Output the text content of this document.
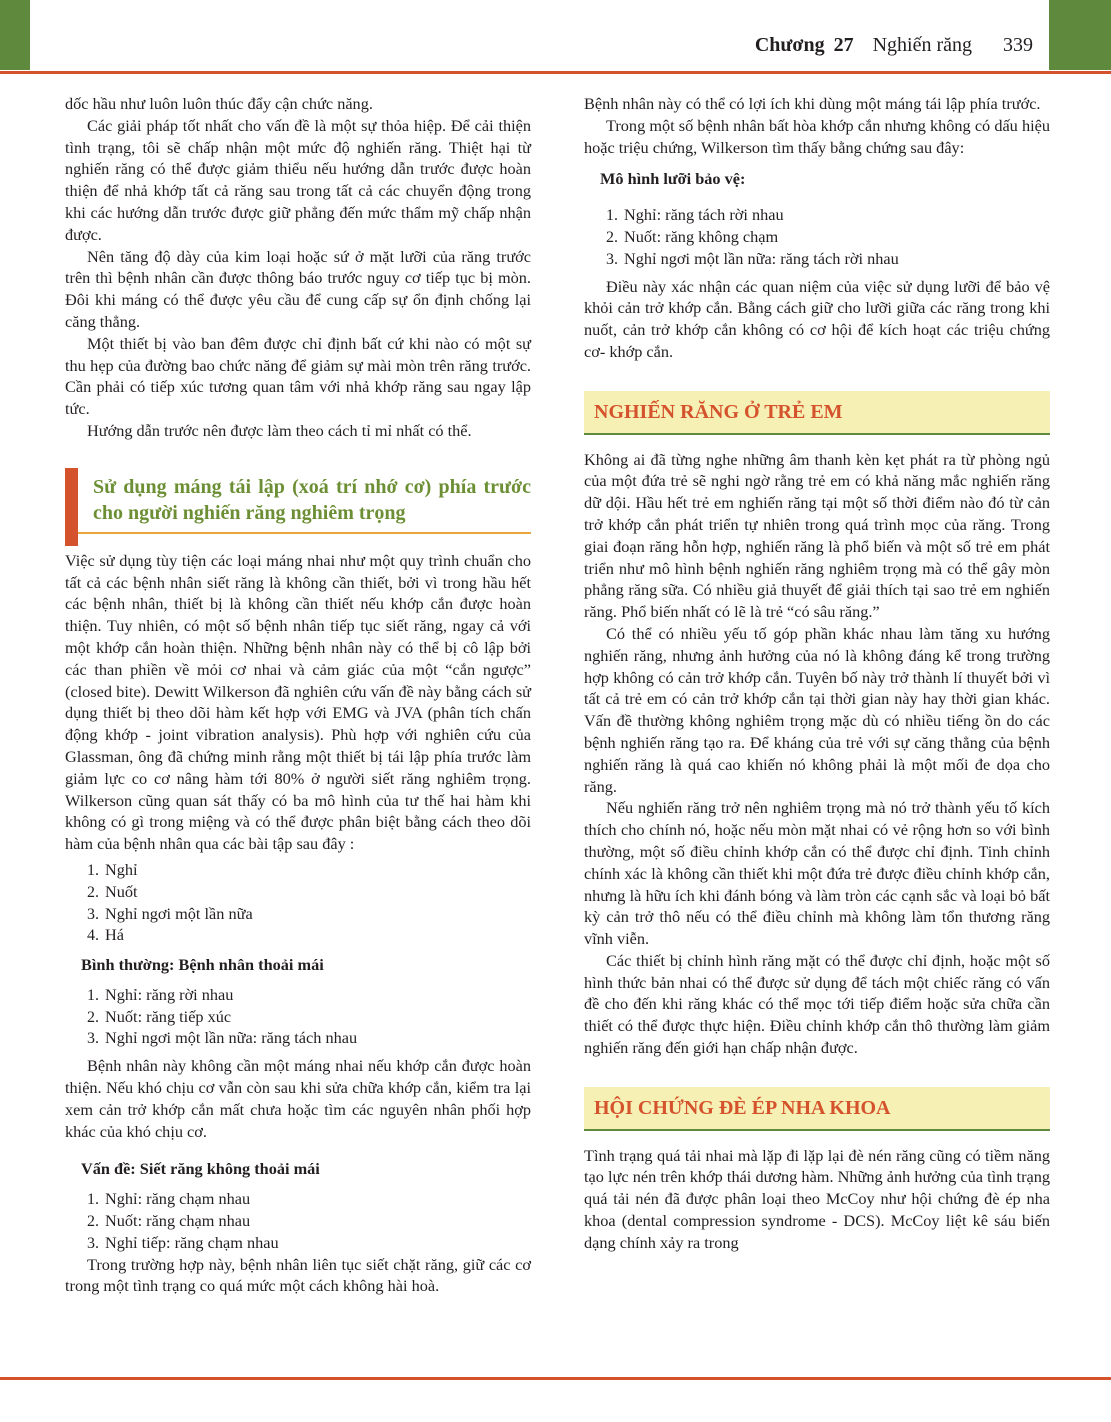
Chương 27 Nghiến răng 339

dốc hầu như luôn luôn thúc đẩy cận chức năng.

Các giải pháp tốt nhất cho vấn đề là một sự thỏa hiệp. Để cải thiện tình trạng, tôi sẽ chấp nhận một mức độ nghiến răng. Thiệt hại từ nghiến răng có thể được giảm thiểu nếu hướng dẫn trước được hoàn thiện để nhả khớp tất cả răng sau trong tất cả các chuyển động trong khi các hướng dẫn trước được giữ phẳng đến mức thẩm mỹ chấp nhận được.

Nên tăng độ dày của kim loại hoặc sứ ở mặt lưỡi của răng trước trên thì bệnh nhân cần được thông báo trước nguy cơ tiếp tục bị mòn. Đôi khi máng có thể được yêu cầu để cung cấp sự ổn định chống lại căng thẳng.

Một thiết bị vào ban đêm được chỉ định bất cứ khi nào có một sự thu hẹp của đường bao chức năng để giảm sự mài mòn trên răng trước. Cần phải có tiếp xúc tương quan tâm với nhả khớp răng sau ngay lập tức.

Hướng dẫn trước nên được làm theo cách tỉ mỉ nhất có thể.

Sử dụng máng tái lập (xoá trí nhớ cơ) phía trước cho người nghiến răng nghiêm trọng

Việc sử dụng tùy tiện các loại máng nhai như một quy trình chuẩn cho tất cả các bệnh nhân siết răng là không cần thiết, bởi vì trong hầu hết các bệnh nhân, thiết bị là không cần thiết nếu khớp cắn được hoàn thiện. Tuy nhiên, có một số bệnh nhân tiếp tục siết răng, ngay cả với một khớp cắn hoàn thiện. Những bệnh nhân này có thể bị cô lập bởi các than phiền về mỏi cơ nhai và cảm giác của một “cắn ngược” (closed bite). Dewitt Wilkerson đã nghiên cứu vấn đề này bằng cách sử dụng thiết bị theo dõi hàm kết hợp với EMG và JVA (phân tích chấn động khớp - joint vibration analysis). Phù hợp với nghiên cứu của Glassman, ông đã chứng minh rằng một thiết bị tái lập phía trước làm giảm lực co cơ nâng hàm tới 80% ở người siết răng nghiêm trọng. Wilkerson cũng quan sát thấy có ba mô hình của tư thế hai hàm khi không có gì trong miệng và có thể được phân biệt bằng cách theo dõi hàm của bệnh nhân qua các bài tập sau đây :

1. Nghỉ
2. Nuốt
3. Nghỉ ngơi một lần nữa
4. Há
Bình thường: Bệnh nhân thoải mái
1. Nghỉ: răng rời nhau
2. Nuốt: răng tiếp xúc
3. Nghỉ ngơi một lần nữa: răng tách nhau

Bệnh nhân này không cần một máng nhai nếu khớp cắn được hoàn thiện. Nếu khó chịu cơ vẫn còn sau khi sửa chữa khớp cắn, kiểm tra lại xem cản trở khớp cắn mất chưa hoặc tìm các nguyên nhân phối hợp khác của khó chịu cơ.

Vấn đề: Siết răng không thoải mái
1. Nghỉ: răng chạm nhau
2. Nuốt: răng chạm nhau
3. Nghỉ tiếp: răng chạm nhau

Trong trường hợp này, bệnh nhân liên tục siết chặt răng, giữ các cơ trong một tình trạng co quá mức một cách không hài hoà.

Bệnh nhân này có thể có lợi ích khi dùng một máng tái lập phía trước.

Trong một số bệnh nhân bất hòa khớp cắn nhưng không có dấu hiệu hoặc triệu chứng, Wilkerson tìm thấy bằng chứng sau đây:

Mô hình lưỡi bảo vệ:
1. Nghỉ: răng tách rời nhau
2. Nuốt: răng không chạm
3. Nghỉ ngơi một lần nữa: răng tách rời nhau

Điều này xác nhận các quan niệm của việc sử dụng lưỡi để bảo vệ khỏi cản trở khớp cắn. Bằng cách giữ cho lưỡi giữa các răng trong khi nuốt, cản trở khớp cắn không có cơ hội để kích hoạt các triệu chứng cơ- khớp cắn.

NGHIẾN RĂNG Ở TRẺ EM

Không ai đã từng nghe những âm thanh kèn kẹt phát ra từ phòng ngủ của một đứa trẻ sẽ nghi ngờ rằng trẻ em có khả năng mắc nghiến răng dữ dội. Hầu hết trẻ em nghiến răng tại một số thời điểm nào đó từ cản trở khớp cắn phát triển tự nhiên trong quá trình mọc của răng. Trong giai đoạn răng hỗn hợp, nghiến răng là phổ biến và một số trẻ em phát triển như mô hình bệnh nghiến răng nghiêm trọng mà có thể gây mòn phẳng răng sữa. Có nhiều giả thuyết để giải thích tại sao trẻ em nghiến răng. Phổ biến nhất có lẽ là trẻ “có sâu răng.”

Có thể có nhiều yếu tố góp phần khác nhau làm tăng xu hướng nghiến răng, nhưng ảnh hưởng của nó là không đáng kể trong trường hợp không có cản trở khớp cắn. Tuyên bố này trở thành lí thuyết bởi vì tất cả trẻ em có cản trở khớp cắn tại thời gian này hay thời gian khác. Vấn đề thường không nghiêm trọng mặc dù có nhiều tiếng ồn do các bệnh nghiến răng tạo ra. Để kháng của trẻ với sự căng thẳng của bệnh nghiến răng là quá cao khiến nó không phải là một mối đe dọa cho răng.

Nếu nghiến răng trở nên nghiêm trọng mà nó trở thành yếu tố kích thích cho chính nó, hoặc nếu mòn mặt nhai có vẻ rộng hơn so với bình thường, một số điều chỉnh khớp cắn có thể được chỉ định. Tinh chỉnh chính xác là không cần thiết khi một đứa trẻ được điều chỉnh khớp cắn, nhưng là hữu ích khi đánh bóng và làm tròn các cạnh sắc và loại bỏ bất kỳ cản trở thô nếu có thể điều chỉnh mà không làm tổn thương răng vĩnh viễn.

Các thiết bị chỉnh hình răng mặt có thể được chỉ định, hoặc một số hình thức bản nhai có thể được sử dụng để tách một chiếc răng có vấn đề cho đến khi răng khác có thể mọc tới tiếp điểm hoặc sửa chữa cần thiết có thể được thực hiện. Điều chỉnh khớp cắn thô thường làm giảm nghiến răng đến giới hạn chấp nhận được.

HỘI CHỨNG ĐÈ ÉP NHA KHOA

Tình trạng quá tải nhai mà lặp đi lặp lại đè nén răng cũng có tiềm năng tạo lực nén trên khớp thái dương hàm. Những ảnh hưởng của tình trạng quá tải nén đã được phân loại theo McCoy như hội chứng đè ép nha khoa (dental compression syndrome - DCS). McCoy liệt kê sáu biến dạng chính xảy ra trong
